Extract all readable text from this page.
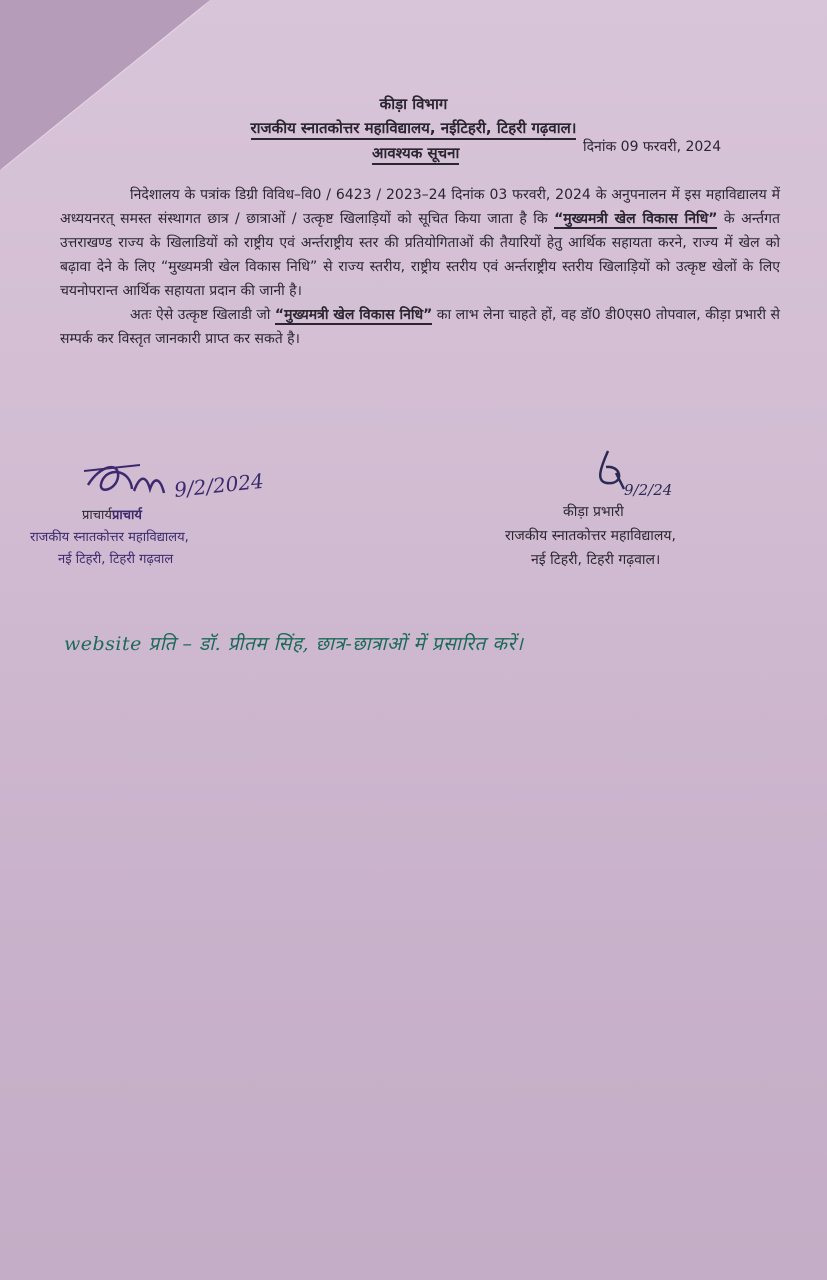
कीड़ा विभाग
राजकीय स्नातकोत्तर महाविद्यालय, नईटिहरी, टिहरी गढ़वाल।
आवश्यक सूचना	दिनांक 09 फरवरी, 2024

निदेशालय के पत्रांक डिग्री विविध–वि0 / 6423 / 2023–24 दिनांक 03 फरवरी, 2024 के अनुपनालन में इस महाविद्यालय में अध्ययनरत् समस्त संस्थागत छात्र / छात्राओं / उत्कृष्ट खिलाड़ियों को सूचित किया जाता है कि “मुख्यमत्री खेल विकास निधि” के अर्न्तगत उत्तराखण्ड राज्य के खिलाडियों को राष्ट्रीय एवं अर्न्तराष्ट्रीय स्तर की प्रतियोगिताओं की तैयारियों हेतु आर्थिक सहायता करने, राज्य में खेल को बढ़ावा देने के लिए “मुख्यमत्री खेल विकास निधि” से राज्य स्तरीय, राष्ट्रीय स्तरीय एवं अर्न्तराष्ट्रीय स्तरीय खिलाड़ियों को उत्कृष्ट खेलों के लिए चयनोपरान्त आर्थिक सहायता प्रदान की जानी है।

अतः ऐसे उत्कृष्ट खिलाडी जो “मुख्यमत्री खेल विकास निधि” का लाभ लेना चाहते हों, वह डॉ0 डी0एस0 तोपवाल, कीड़ा प्रभारी से सम्पर्क कर विस्तृत जानकारी प्राप्त कर सकते है।

9/2/2024
प्राचार्यप्राचार्य
राजकीय स्नातकोत्तर महाविद्यालय,
नई टिहरी, टिहरी गढ़वाल
9/2/24
कीड़ा प्रभारी
राजकीय स्नातकोत्तर महाविद्यालय,
नई टिहरी, टिहरी गढ़वाल।
website प्रति – डॉ. प्रीतम सिंह, छात्र-छात्राओं में प्रसारित करें।
